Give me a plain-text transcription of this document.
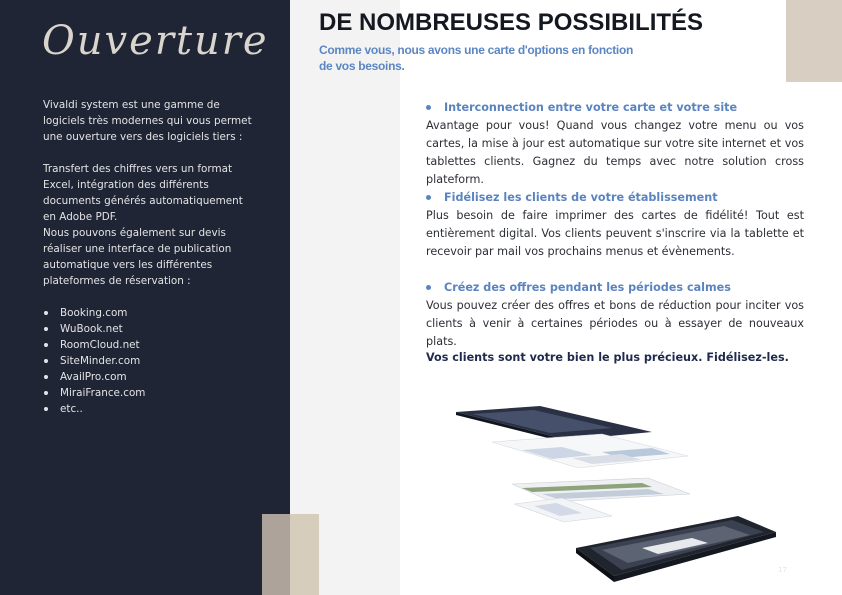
Ouverture
Vivaldi system est une gamme de logiciels très modernes qui vous permet une ouverture vers des logiciels tiers :
Transfert des chiffres vers un format Excel, intégration des différents documents générés automatiquement en Adobe PDF.
Nous pouvons également sur devis réaliser une interface de publication automatique vers les différentes plateformes de réservation :
Booking.com
WuBook.net
RoomCloud.net
SiteMinder.com
AvailPro.com
MiraiFrance.com
etc..
DE NOMBREUSES POSSIBILITÉS
Comme vous, nous avons une carte d'options en fonction de vos besoins.
Interconnection entre votre carte et votre site

Avantage pour vous! Quand vous changez votre menu ou vos cartes, la mise à jour est automatique sur votre site internet et vos tablettes clients. Gagnez du temps avec notre solution cross plateform.

Fidélisez les clients de votre établissement

Plus besoin de faire imprimer des cartes de fidélité! Tout est entièrement digital. Vos clients peuvent s'inscrire via la tablette et recevoir par mail vos prochains menus et évènements.

Créez des offres pendant les périodes calmes

Vous pouvez créer des offres et bons de réduction pour inciter vos clients à venir à certaines périodes ou à essayer de nouveaux plats.

Vos clients sont votre bien le plus précieux. Fidélisez-les.
17
